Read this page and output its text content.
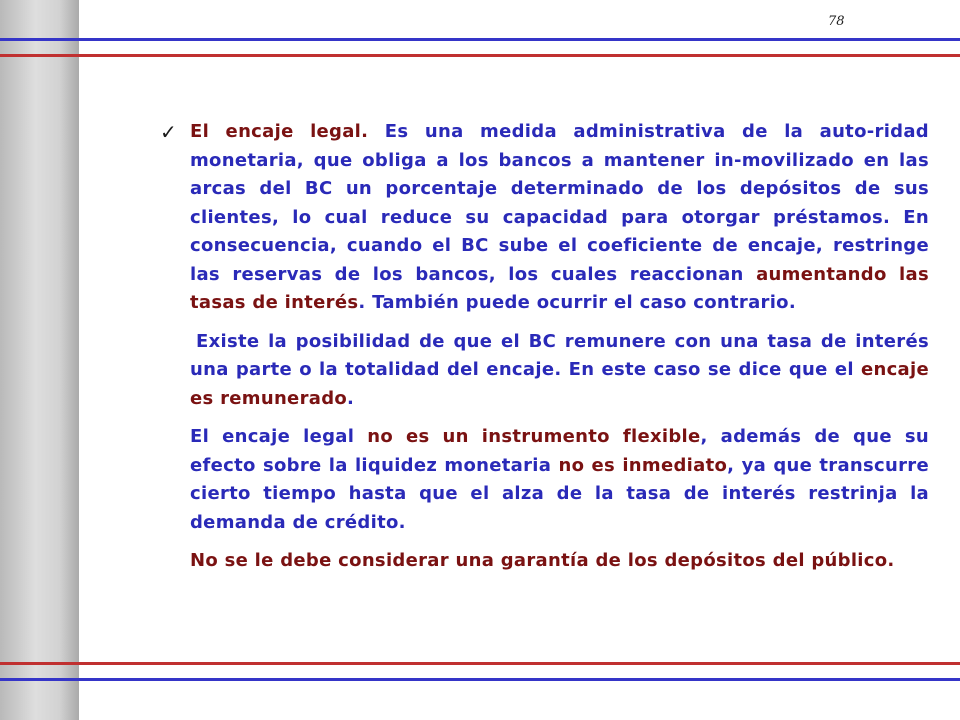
78

✓ El encaje legal. Es una medida administrativa de la auto-ridad monetaria, que obliga a los bancos a mantener in-movilizado en las arcas del BC un porcentaje determinado de los depósitos de sus clientes, lo cual reduce su capacidad para otorgar préstamos. En consecuencia, cuando el BC sube el coeficiente de encaje, restringe las reservas de los bancos, los cuales reaccionan aumentando las tasas de interés. También puede ocurrir el caso contrario.

Existe la posibilidad de que el BC remunere con una tasa de interés una parte o la totalidad del encaje. En este caso se dice que el encaje es remunerado.

El encaje legal no es un instrumento flexible, además de que su efecto sobre la liquidez monetaria no es inmediato, ya que transcurre cierto tiempo hasta que el alza de la tasa de interés restrinja la demanda de crédito.

No se le debe considerar una garantía de los depósitos del público.
